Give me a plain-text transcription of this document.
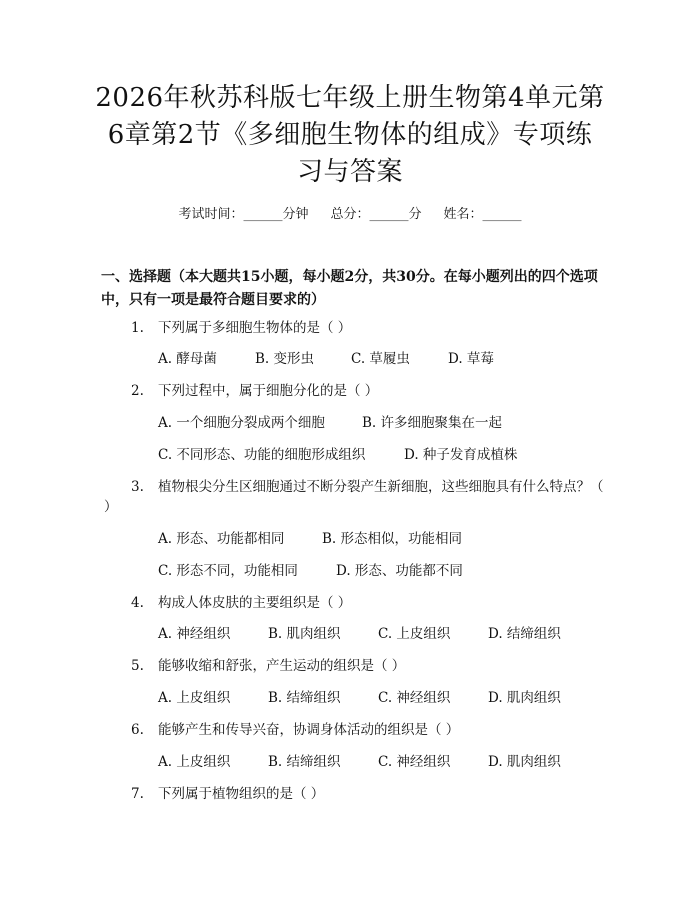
2026年秋苏科版七年级上册生物第4单元第
6章第2节《多细胞生物体的组成》专项练
习与答案
考试时间：______分钟 总分：______分 姓名：______
一、选择题（本大题共15小题，每小题2分，共30分。在每小题列出的四个选项中，只有一项是最符合题目要求的）
1. 下列属于多细胞生物体的是（ ）
A. 酵母菌	B. 变形虫	C. 草履虫	D. 草莓
2. 下列过程中，属于细胞分化的是（ ）
A. 一个细胞分裂成两个细胞	B. 许多细胞聚集在一起
C. 不同形态、功能的细胞形成组织	D. 种子发育成植株
3. 植物根尖分生区细胞通过不断分裂产生新细胞，这些细胞具有什么特点？（ ）
A. 形态、功能都相同	B. 形态相似，功能相同
C. 形态不同，功能相同	D. 形态、功能都不同
4. 构成人体皮肤的主要组织是（ ）
A. 神经组织	B. 肌肉组织	C. 上皮组织	D. 结缔组织
5. 能够收缩和舒张，产生运动的组织是（ ）
A. 上皮组织	B. 结缔组织	C. 神经组织	D. 肌肉组织
6. 能够产生和传导兴奋，协调身体活动的组织是（ ）
A. 上皮组织	B. 结缔组织	C. 神经组织	D. 肌肉组织
7. 下列属于植物组织的是（ ）
